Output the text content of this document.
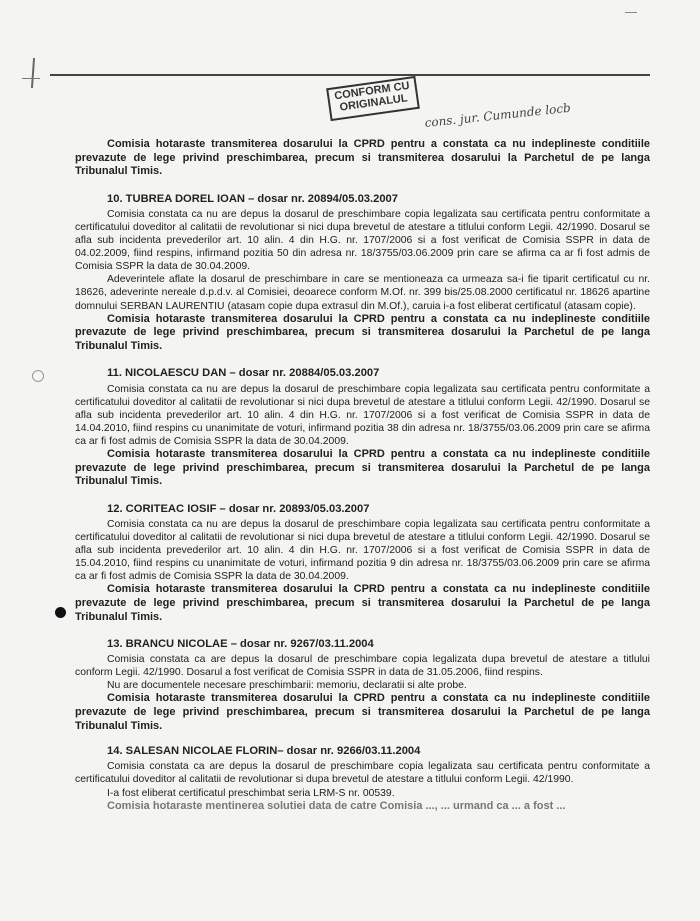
CONFORM CU ORIGINALUL	cons. jur. Cumunde locb

Comisia hotaraste transmiterea dosarului la CPRD pentru a constata ca nu indeplineste conditiile prevazute de lege privind preschimbarea, precum si transmiterea dosarului la Parchetul de pe langa Tribunalul Timis.

10. TUBREA DOREL IOAN – dosar nr. 20894/05.03.2007

Comisia constata ca nu are depus la dosarul de preschimbare copia legalizata sau certificata pentru conformitate a certificatului doveditor al calitatii de revolutionar si nici dupa brevetul de atestare a titlului conform Legii. 42/1990. Dosarul se afla sub incidenta prevederilor art. 10 alin. 4 din H.G. nr. 1707/2006 si a fost verificat de Comisia SSPR in data de 04.02.2009, fiind respins, infirmand pozitia 50 din adresa nr. 18/3755/03.06.2009 prin care se afirma ca ar fi fost admis de Comisia SSPR la data de 30.04.2009.

Adeverintele aflate la dosarul de preschimbare in care se mentioneaza ca urmeaza sa-i fie tiparit certificatul cu nr. 18626, adeverinte nereale d.p.d.v. al Comisiei, deoarece conform M.Of. nr. 399 bis/25.08.2000 certificatul nr. 18626 apartine domnului SERBAN LAURENTIU (atasam copie dupa extrasul din M.Of.), caruia i-a fost eliberat certificatul (atasam copie).

Comisia hotaraste transmiterea dosarului la CPRD pentru a constata ca nu indeplineste conditiile prevazute de lege privind preschimbarea, precum si transmiterea dosarului la Parchetul de pe langa Tribunalul Timis.

11. NICOLAESCU DAN – dosar nr. 20884/05.03.2007

Comisia constata ca nu are depus la dosarul de preschimbare copia legalizata sau certificata pentru conformitate a certificatului doveditor al calitatii de revolutionar si nici dupa brevetul de atestare a titlului conform Legii. 42/1990. Dosarul se afla sub incidenta prevederilor art. 10 alin. 4 din H.G. nr. 1707/2006 si a fost verificat de Comisia SSPR in data de 14.04.2010, fiind respins cu unanimitate de voturi, infirmand pozitia 38 din adresa nr. 18/3755/03.06.2009 prin care se afirma ca ar fi fost admis de Comisia SSPR la data de 30.04.2009.

Comisia hotaraste transmiterea dosarului la CPRD pentru a constata ca nu indeplineste conditiile prevazute de lege privind preschimbarea, precum si transmiterea dosarului la Parchetul de pe langa Tribunalul Timis.

12. CORITEAC IOSIF – dosar nr. 20893/05.03.2007

Comisia constata ca nu are depus la dosarul de preschimbare copia legalizata sau certificata pentru conformitate a certificatului doveditor al calitatii de revolutionar si nici dupa brevetul de atestare a titlului conform Legii. 42/1990. Dosarul se afla sub incidenta prevederilor art. 10 alin. 4 din H.G. nr. 1707/2006 si a fost verificat de Comisia SSPR in data de 15.04.2010, fiind respins cu unanimitate de voturi, infirmand pozitia 9 din adresa nr. 18/3755/03.06.2009 prin care se afirma ca ar fi fost admis de Comisia SSPR la data de 30.04.2009.

Comisia hotaraste transmiterea dosarului la CPRD pentru a constata ca nu indeplineste conditiile prevazute de lege privind preschimbarea, precum si transmiterea dosarului la Parchetul de pe langa Tribunalul Timis.

13. BRANCU NICOLAE – dosar nr. 9267/03.11.2004

Comisia constata ca are depus la dosarul de preschimbare copia legalizata dupa brevetul de atestare a titlului conform Legii. 42/1990. Dosarul a fost verificat de Comisia SSPR in data de 31.05.2006, fiind respins.

Nu are documentele necesare preschimbarii: memoriu, declaratii si alte probe.

Comisia hotaraste transmiterea dosarului la CPRD pentru a constata ca nu indeplineste conditiile prevazute de lege privind preschimbarea, precum si transmiterea dosarului la Parchetul de pe langa Tribunalul Timis.

14. SALESAN NICOLAE FLORIN– dosar nr. 9266/03.11.2004

Comisia constata ca are depus la dosarul de preschimbare copia legalizata sau certificata pentru conformitate a certificatului doveditor al calitatii de revolutionar si dupa brevetul de atestare a titlului conform Legii. 42/1990.

I-a fost eliberat certificatul preschimbat seria LRM-S nr. 00539.

Comisia hotaraste mentinerea solutiei data de catre Comisia ..., ... urmand ca ... a fost ...
